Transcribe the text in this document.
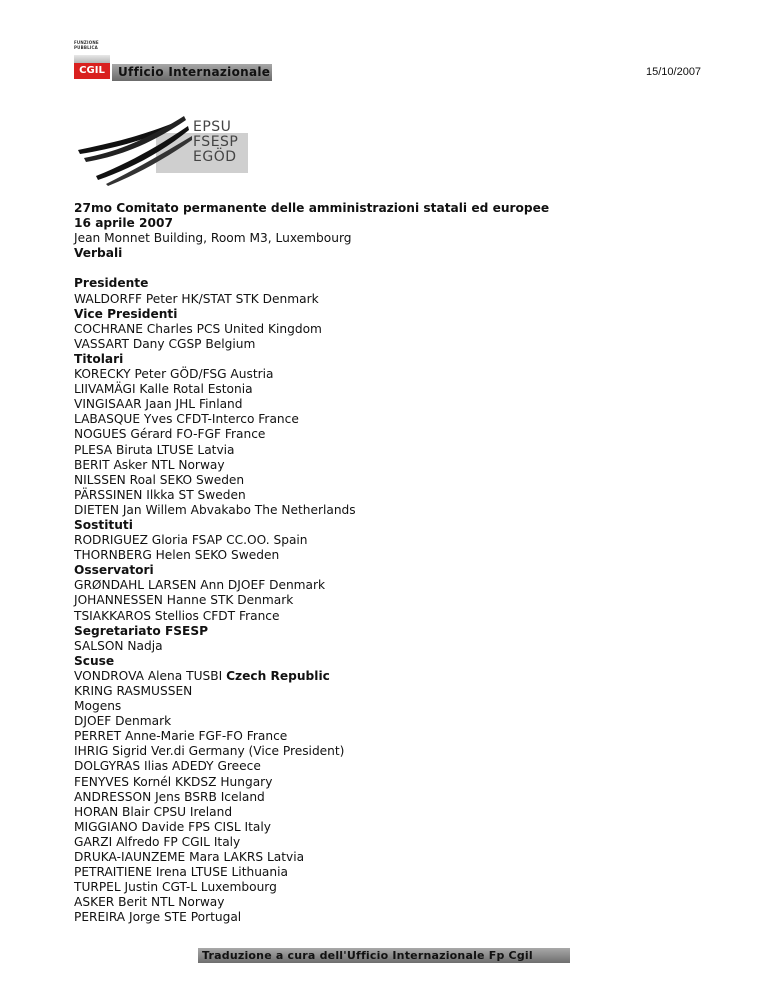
FUNZIONE PUBBLICA
CGIL	Ufficio Internazionale	15/10/2007
EPSU
FSESP
EGÖD
27mo Comitato permanente delle amministrazioni statali ed europee
16 aprile 2007
Jean Monnet Building, Room M3, Luxembourg
Verbali
Presidente
WALDORFF Peter HK/STAT STK Denmark
Vice Presidenti
COCHRANE Charles PCS United Kingdom
VASSART Dany CGSP Belgium
Titolari
KORECKY Peter GÖD/FSG Austria
LIIVAMÄGI Kalle Rotal Estonia
VINGISAAR Jaan JHL Finland
LABASQUE Yves CFDT-Interco France
NOGUES Gérard FO-FGF France
PLESA Biruta LTUSE Latvia
BERIT Asker NTL Norway
NILSSEN Roal SEKO Sweden
PÄRSSINEN Ilkka ST Sweden
DIETEN Jan Willem Abvakabo The Netherlands
Sostituti
RODRIGUEZ Gloria FSAP CC.OO. Spain
THORNBERG Helen SEKO Sweden
Osservatori
GRØNDAHL LARSEN Ann DJOEF Denmark
JOHANNESSEN Hanne STK Denmark
TSIAKKAROS Stellios CFDT France
Segretariato FSESP
SALSON Nadja
Scuse
VONDROVA Alena TUSBI Czech Republic
KRING RASMUSSEN
Mogens
DJOEF Denmark
PERRET Anne-Marie FGF-FO France
IHRIG Sigrid Ver.di Germany (Vice President)
DOLGYRAS Ilias ADEDY Greece
FENYVES Kornél KKDSZ Hungary
ANDRESSON Jens BSRB Iceland
HORAN Blair CPSU Ireland
MIGGIANO Davide FPS CISL Italy
GARZI Alfredo FP CGIL Italy
DRUKA-IAUNZEME Mara LAKRS Latvia
PETRAITIENE Irena LTUSE Lithuania
TURPEL Justin CGT-L Luxembourg
ASKER Berit NTL Norway
PEREIRA Jorge STE Portugal
Traduzione a cura dell'Ufficio Internazionale Fp Cgil
